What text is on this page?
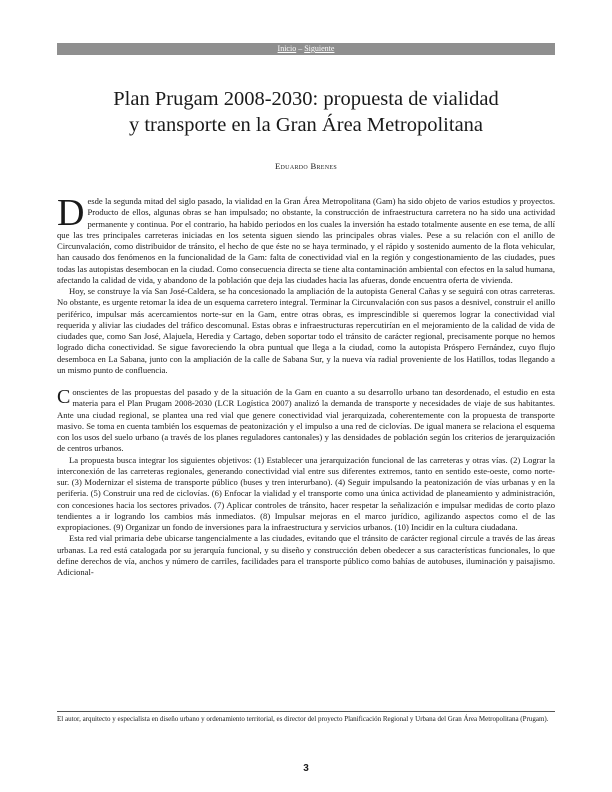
Inicio – Siguiente
Plan Prugam 2008-2030: propuesta de vialidad
y transporte en la Gran Área Metropolitana
Eduardo Brenes

Desde la segunda mitad del siglo pasado, la vialidad en la Gran Área Metropolitana (Gam) ha sido objeto de varios estudios y proyectos. Producto de ellos, algunas obras se han impulsado; no obstante, la construcción de infraestructura carretera no ha sido una actividad permanente y continua. Por el contrario, ha habido periodos en los cuales la inversión ha estado totalmente ausente en ese tema, de allí que las tres principales carreteras iniciadas en los setenta siguen siendo las principales obras viales. Pese a su relación con el anillo de Circunvalación, como distribuidor de tránsito, el hecho de que éste no se haya terminado, y el rápido y sostenido aumento de la flota vehicular, han causado dos fenómenos en la funcionalidad de la Gam: falta de conectividad vial en la región y congestionamiento de las ciudades, pues todas las autopistas desembocan en la ciudad. Como consecuencia directa se tiene alta contaminación ambiental con efectos en la salud humana, afectando la calidad de vida, y abandono de la población que deja las ciudades hacia las afueras, donde encuentra oferta de vivienda.

Hoy, se construye la vía San José-Caldera, se ha concesionado la ampliación de la autopista General Cañas y se seguirá con otras carreteras. No obstante, es urgente retomar la idea de un esquema carretero integral. Terminar la Circunvalación con sus pasos a desnivel, construir el anillo periférico, impulsar más acercamientos norte-sur en la Gam, entre otras obras, es imprescindible si queremos lograr la conectividad vial requerida y aliviar las ciudades del tráfico descomunal. Estas obras e infraestructuras repercutirían en el mejoramiento de la calidad de vida de ciudades que, como San José, Alajuela, Heredia y Cartago, deben soportar todo el tránsito de carácter regional, precisamente porque no hemos logrado dicha conectividad. Se sigue favoreciendo la obra puntual que llega a la ciudad, como la autopista Próspero Fernández, cuyo flujo desemboca en La Sabana, junto con la ampliación de la calle de Sabana Sur, y la nueva vía radial proveniente de los Hatillos, todas llegando a un mismo punto de confluencia.

Conscientes de las propuestas del pasado y de la situación de la Gam en cuanto a su desarrollo urbano tan desordenado, el estudio en esta materia para el Plan Prugam 2008-2030 (LCR Logística 2007) analizó la demanda de transporte y necesidades de viaje de sus habitantes. Ante una ciudad regional, se plantea una red vial que genere conectividad vial jerarquizada, coherentemente con la propuesta de transporte masivo. Se toma en cuenta también los esquemas de peatonización y el impulso a una red de ciclovías. De igual manera se relaciona el esquema con los usos del suelo urbano (a través de los planes reguladores cantonales) y las densidades de población según los criterios de jerarquización de centros urbanos.

La propuesta busca integrar los siguientes objetivos: (1) Establecer una jerarquización funcional de las carreteras y otras vías. (2) Lograr la interconexión de las carreteras regionales, generando conectividad vial entre sus diferentes extremos, tanto en sentido este-oeste, como norte-sur. (3) Modernizar el sistema de transporte público (buses y tren interurbano). (4) Seguir impulsando la peatonización de vías urbanas y en la periferia. (5) Construir una red de ciclovías. (6) Enfocar la vialidad y el transporte como una única actividad de planeamiento y administración, con concesiones hacia los sectores privados. (7) Aplicar controles de tránsito, hacer respetar la señalización e impulsar medidas de corto plazo tendientes a ir logrando los cambios más inmediatos. (8) Impulsar mejoras en el marco jurídico, agilizando aspectos como el de las expropiaciones. (9) Organizar un fondo de inversiones para la infraestructura y servicios urbanos. (10) Incidir en la cultura ciudadana.

Esta red vial primaria debe ubicarse tangencialmente a las ciudades, evitando que el tránsito de carácter regional circule a través de las áreas urbanas. La red está catalogada por su jerarquía funcional, y su diseño y construcción deben obedecer a sus características funcionales, lo que define derechos de vía, anchos y número de carriles, facilidades para el transporte público como bahías de autobuses, iluminación y paisajismo. Adicional-

El autor, arquitecto y especialista en diseño urbano y ordenamiento territorial, es director del proyecto Planificación Regional y Urbana del Gran Área Metropolitana (Prugam).
3
